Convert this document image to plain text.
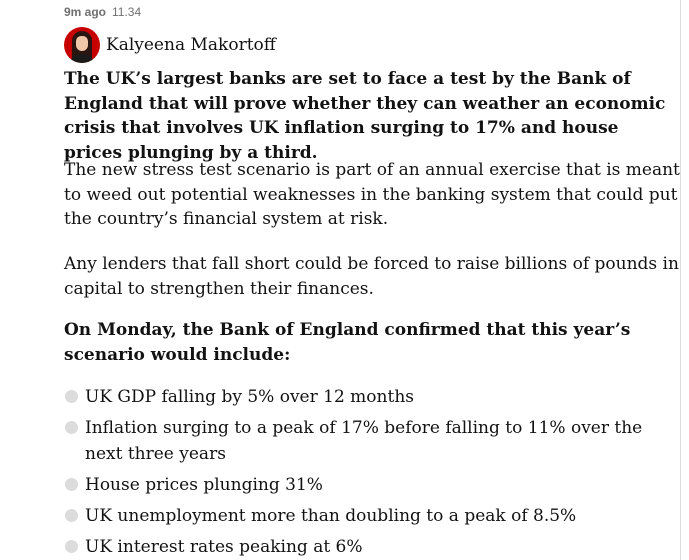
9m ago 11.34
Kalyeena Makortoff

The UK’s largest banks are set to face a test by the Bank of England that will prove whether they can weather an economic crisis that involves UK inflation surging to 17% and house prices plunging by a third.

The new stress test scenario is part of an annual exercise that is meant to weed out potential weaknesses in the banking system that could put the country’s financial system at risk.

Any lenders that fall short could be forced to raise billions of pounds in capital to strengthen their finances.

On Monday, the Bank of England confirmed that this year’s scenario would include:

UK GDP falling by 5% over 12 months
Inflation surging to a peak of 17% before falling to 11% over the next three years
House prices plunging 31%
UK unemployment more than doubling to a peak of 8.5%
UK interest rates peaking at 6%
